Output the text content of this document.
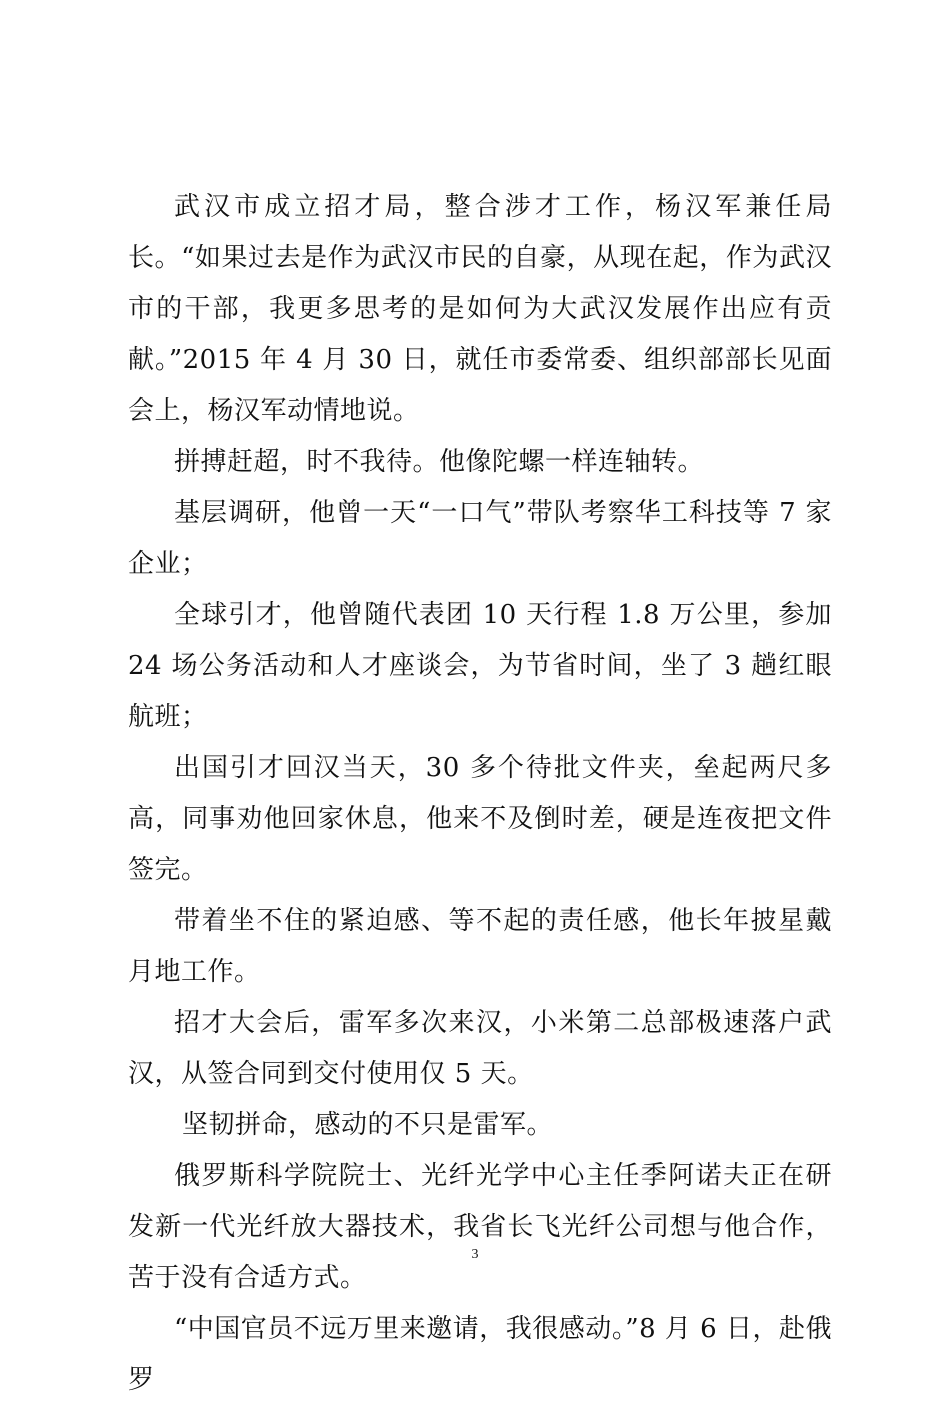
武汉市成立招才局，整合涉才工作，杨汉军兼任局长。“如果过去是作为武汉市民的自豪，从现在起，作为武汉市的干部，我更多思考的是如何为大武汉发展作出应有贡献。”2015 年 4 月 30 日，就任市委常委、组织部部长见面会上，杨汉军动情地说。

拼搏赶超，时不我待。他像陀螺一样连轴转。

基层调研，他曾一天“一口气”带队考察华工科技等 7 家企业；

全球引才，他曾随代表团 10 天行程 1.8 万公里，参加 24 场公务活动和人才座谈会，为节省时间，坐了 3 趟红眼航班；

出国引才回汉当天，30 多个待批文件夹，垒起两尺多高，同事劝他回家休息，他来不及倒时差，硬是连夜把文件签完。

带着坐不住的紧迫感、等不起的责任感，他长年披星戴月地工作。

招才大会后，雷军多次来汉，小米第二总部极速落户武汉，从签合同到交付使用仅 5 天。

坚韧拼命，感动的不只是雷军。

俄罗斯科学院院士、光纤光学中心主任季阿诺夫正在研发新一代光纤放大器技术，我省长飞光纤公司想与他合作，苦于没有合适方式。

“中国官员不远万里来邀请，我很感动。”8 月 6 日，赴俄罗

3
